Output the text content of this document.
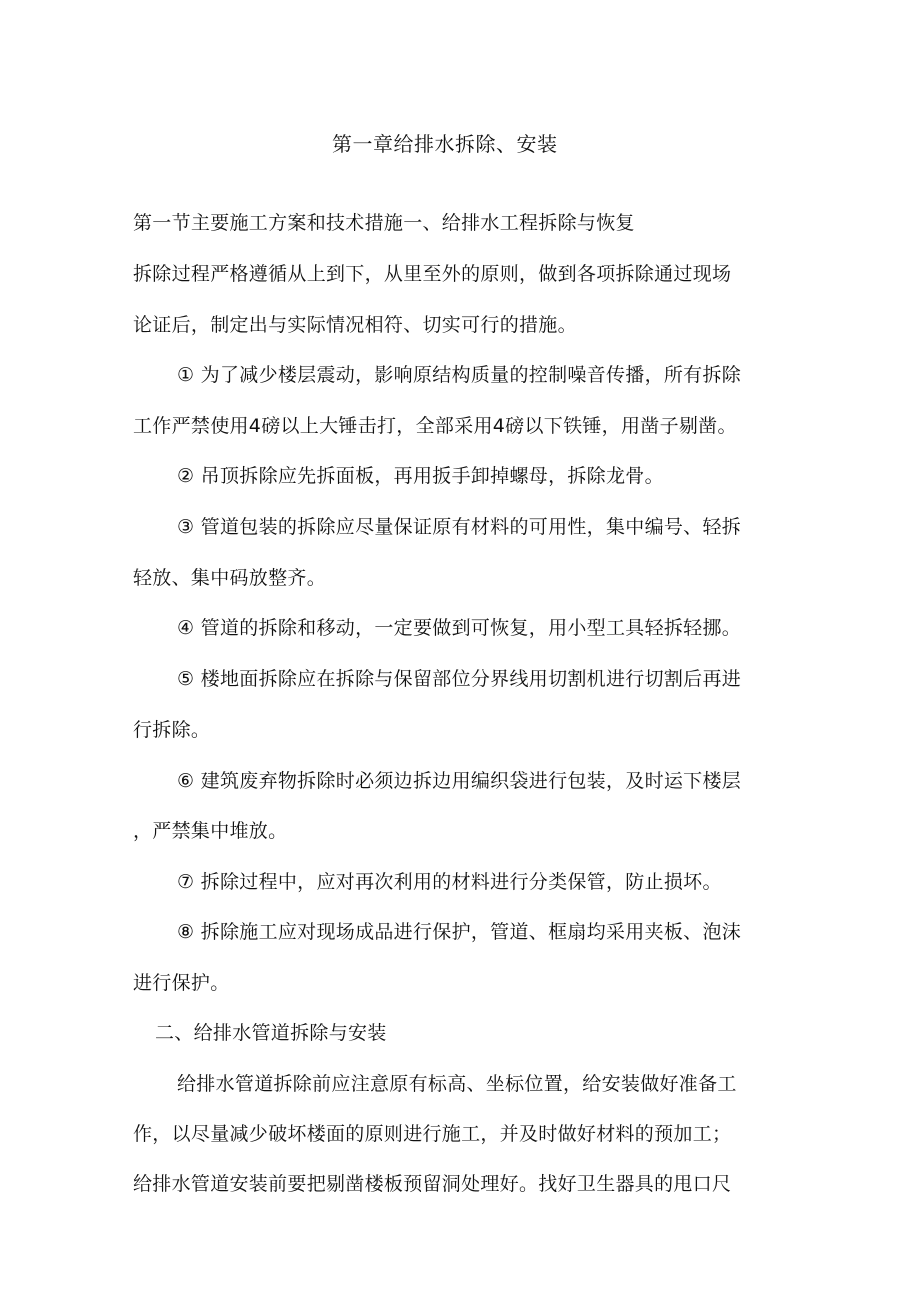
第一章给排水拆除、安装
第一节主要施工方案和技术措施一、给排水工程拆除与恢复
拆除过程严格遵循从上到下，从里至外的原则，做到各项拆除通过现场
论证后，制定出与实际情况相符、切实可行的措施。
① 为了减少楼层震动，影响原结构质量的控制噪音传播，所有拆除
工作严禁使用4磅以上大锤击打，全部采用4磅以下铁锤，用凿子剔凿。
② 吊顶拆除应先拆面板，再用扳手卸掉螺母，拆除龙骨。
③ 管道包装的拆除应尽量保证原有材料的可用性，集中编号、轻拆
轻放、集中码放整齐。
④ 管道的拆除和移动，一定要做到可恢复，用小型工具轻拆轻挪。
⑤ 楼地面拆除应在拆除与保留部位分界线用切割机进行切割后再进
行拆除。
⑥ 建筑废弃物拆除时必须边拆边用编织袋进行包装，及时运下楼层
，严禁集中堆放。
⑦ 拆除过程中，应对再次利用的材料进行分类保管，防止损坏。
⑧ 拆除施工应对现场成品进行保护，管道、框扇均采用夹板、泡沫
进行保护。
二、给排水管道拆除与安装
给排水管道拆除前应注意原有标高、坐标位置，给安装做好准备工
作，以尽量减少破坏楼面的原则进行施工，并及时做好材料的预加工；
给排水管道安装前要把剔凿楼板预留洞处理好。找好卫生器具的甩口尺
